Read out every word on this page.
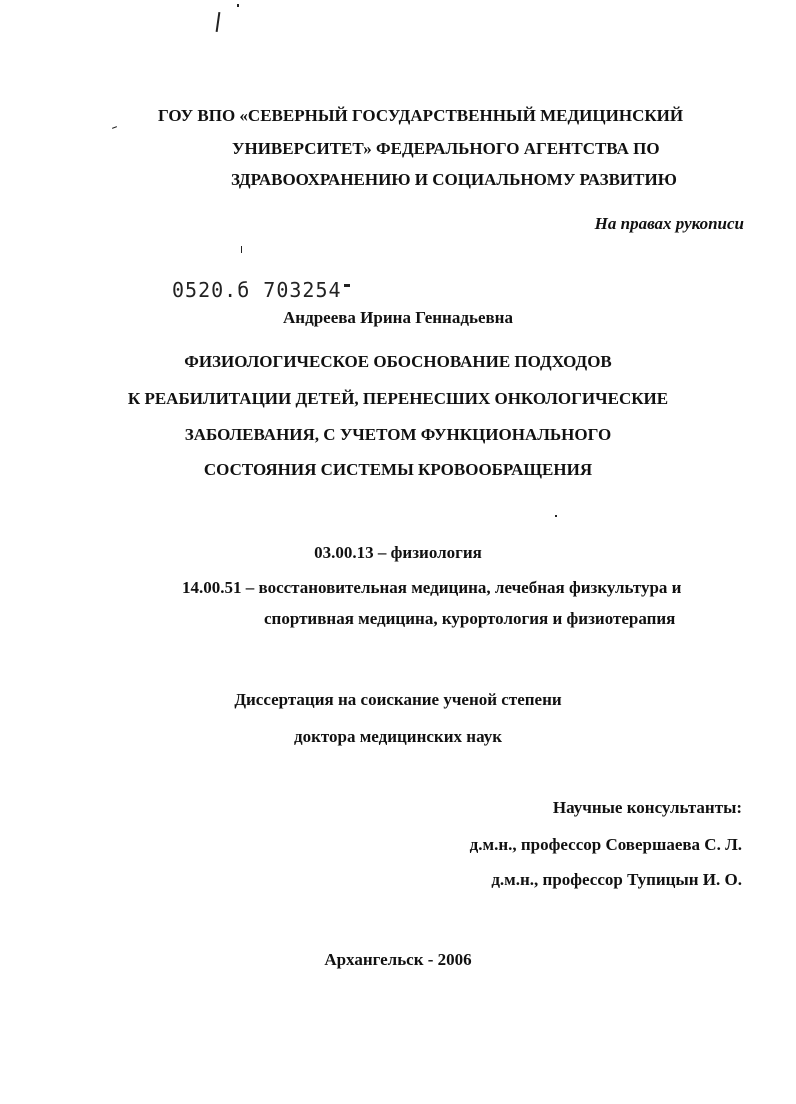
ГОУ ВПО «СЕВЕРНЫЙ ГОСУДАРСТВЕННЫЙ МЕДИЦИНСКИЙ
УНИВЕРСИТЕТ» ФЕДЕРАЛЬНОГО АГЕНТСТВА ПО
ЗДРАВООХРАНЕНИЮ И СОЦИАЛЬНОМУ РАЗВИТИЮ
На правах рукописи
0520.б 703254
Андреева Ирина Геннадьевна
ФИЗИОЛОГИЧЕСКОЕ ОБОСНОВАНИЕ ПОДХОДОВ
К РЕАБИЛИТАЦИИ ДЕТЕЙ, ПЕРЕНЕСШИХ ОНКОЛОГИЧЕСКИЕ
ЗАБОЛЕВАНИЯ, С УЧЕТОМ ФУНКЦИОНАЛЬНОГО
СОСТОЯНИЯ СИСТЕМЫ КРОВООБРАЩЕНИЯ
03.00.13 – физиология
14.00.51 – восстановительная медицина, лечебная физкультура и
спортивная медицина, курортология и физиотерапия
Диссертация на соискание ученой степени
доктора медицинских наук
Научные консультанты:
д.м.н., профессор Совершаева С. Л.
д.м.н., профессор Тупицын И. О.
Архангельск - 2006
